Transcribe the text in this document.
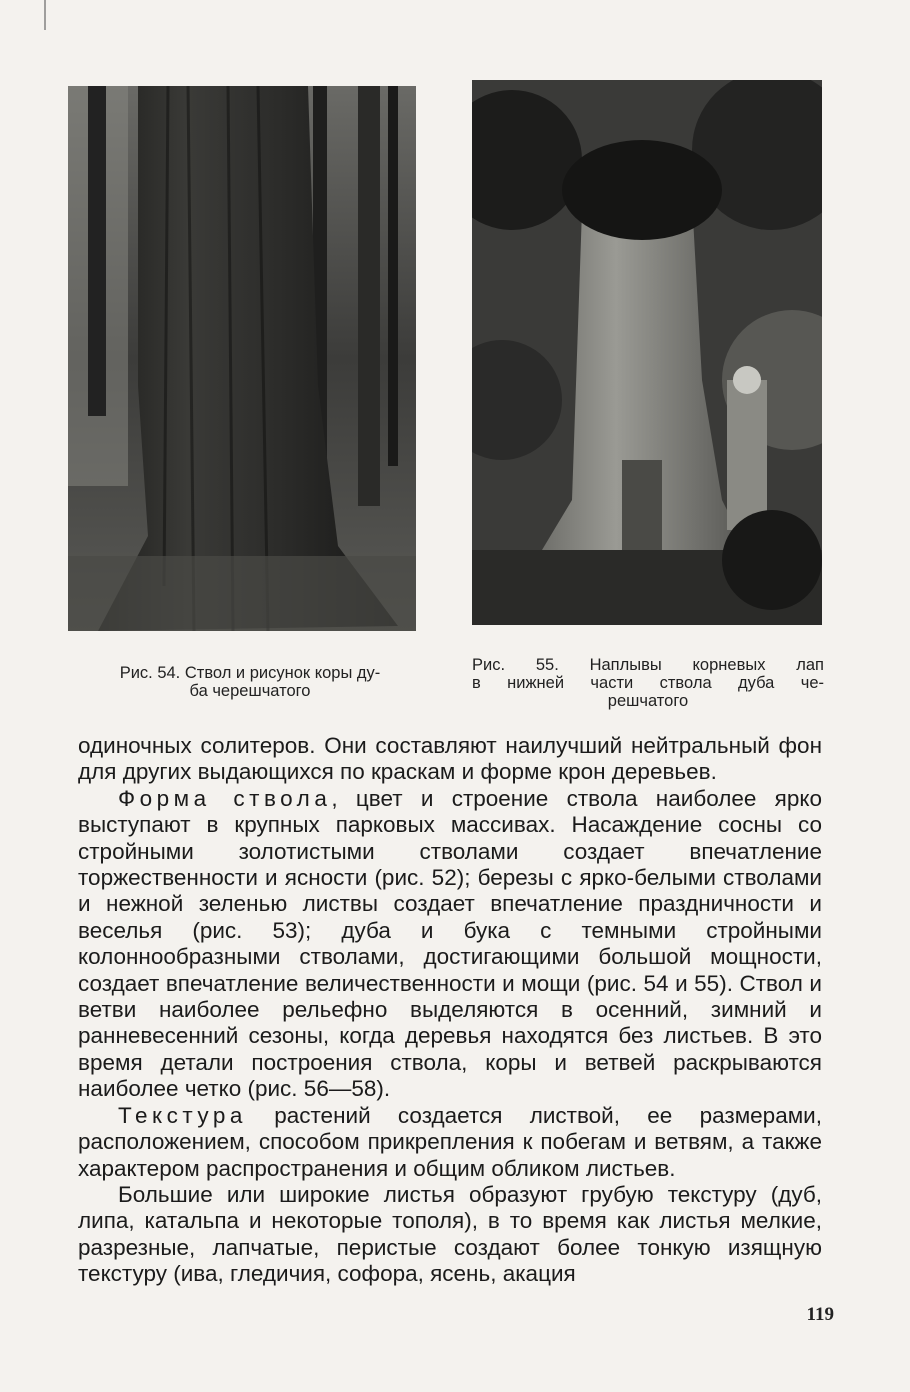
Рис. 54. Ствол и рисунок коры ду-
ба черешчатого
Рис. 55. Наплывы корневых лап
в нижней части ствола дуба че-
решчатого

одиночных солитеров. Они составляют наилучший нейтральный фон для других выдающихся по краскам и форме крон деревьев.

Форма ствола, цвет и строение ствола наиболее ярко выступают в крупных парковых массивах. Насаждение сосны со стройными золотистыми стволами создает впечатление торжественности и ясности (рис. 52); березы с ярко-белыми стволами и нежной зеленью листвы создает впечатление праздничности и веселья (рис. 53); дуба и бука с темными стройными колоннообразными стволами, достигающими большой мощности, создает впечатление величественности и мощи (рис. 54 и 55). Ствол и ветви наиболее рельефно выделяются в осенний, зимний и ранневесенний сезоны, когда деревья находятся без листьев. В это время детали построения ствола, коры и ветвей раскрываются наиболее четко (рис. 56—58).

Текстура растений создается листвой, ее размерами, расположением, способом прикрепления к побегам и ветвям, а также характером распространения и общим обликом листьев.

Большие или широкие листья образуют грубую текстуру (дуб, липа, катальпа и некоторые тополя), в то время как листья мелкие, разрезные, лапчатые, перистые создают более тонкую изящную текстуру (ива, гледичия, софора, ясень, акация

119
